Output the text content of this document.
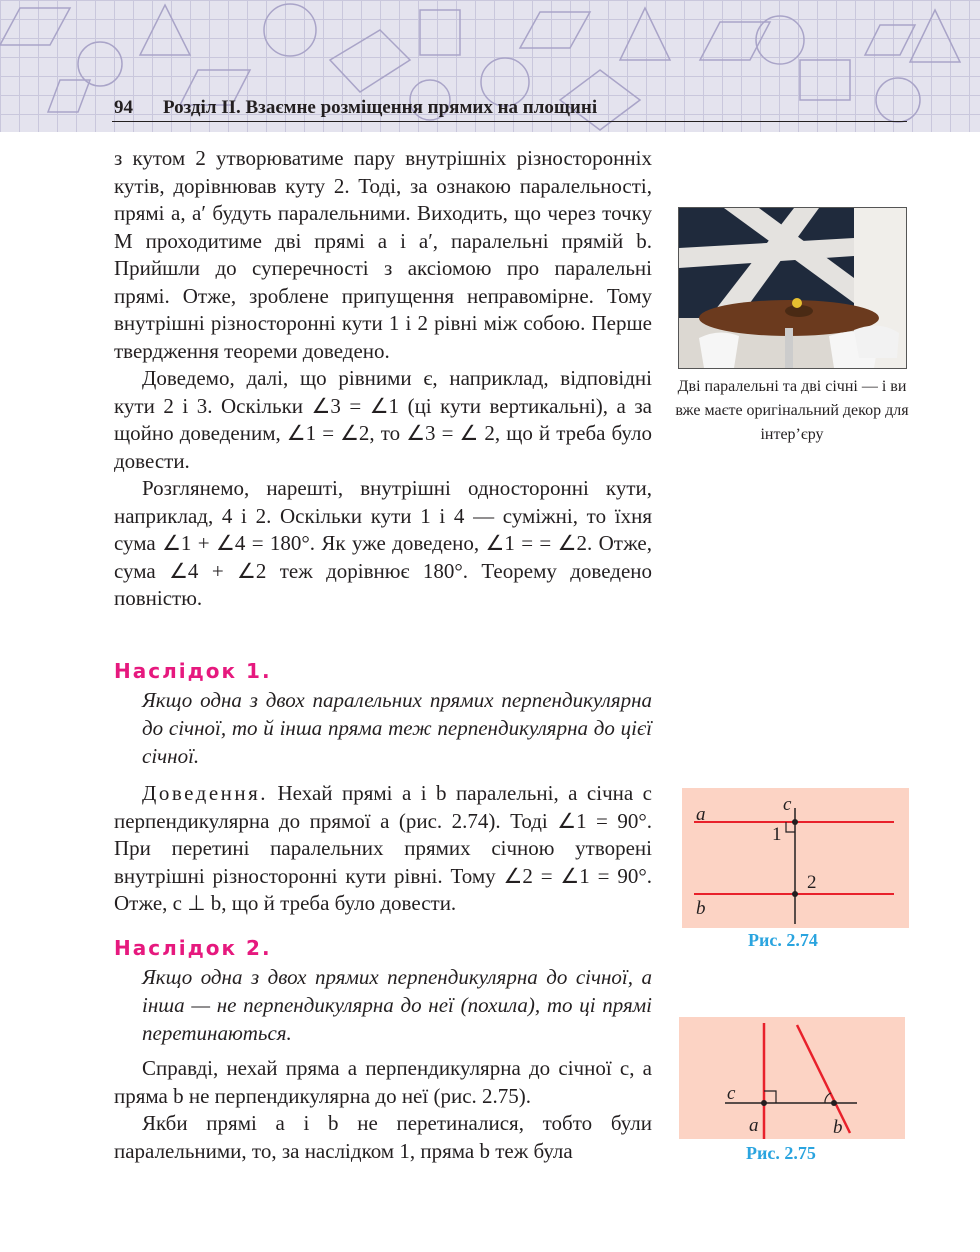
94 Розділ ІІ. Взаємне розміщення прямих на площині

з кутом 2 утворюватиме пару внутрішніх різносторонніх кутів, дорівнював куту 2. Тоді, за ознакою паралельності, прямі a, a′ будуть паралельними. Виходить, що через точку M проходитиме дві прямі a і a′, паралельні прямій b. Прийшли до суперечності з аксіомою про паралельні прямі. Отже, зроблене припущення неправомірне. Тому внутрішні різносторонні кути 1 і 2 рівні між собою. Перше твердження теореми доведено.

Доведемо, далі, що рівними є, наприклад, відповідні кути 2 і 3. Оскільки ∠3 = ∠1 (ці кути вертикальні), а за щойно доведеним, ∠1 = ∠2, то ∠3 = ∠ 2, що й треба було довести.

Розглянемо, нарешті, внутрішні односторонні кути, наприклад, 4 і 2. Оскільки кути 1 і 4 — суміжні, то їхня сума ∠1 + ∠4 = 180°. Як уже доведено, ∠1 = = ∠2. Отже, сума ∠4 + ∠2 теж дорівнює 180°. Теорему доведено повністю.

Наслідок 1.
Якщо одна з двох паралельних прямих перпендикулярна до січної, то й інша пряма теж перпендикулярна до цієї січної.

Доведення. Нехай прямі a і b паралельні, а січна c перпендикулярна до прямої a (рис. 2.74). Тоді ∠1 = 90°. При перетині паралельних прямих січною утворені внутрішні різносторонні кути рівні. Тому ∠2 = ∠1 = 90°. Отже, c ⊥ b, що й треба було довести.

Наслідок 2.
Якщо одна з двох прямих перпендикулярна до січної, а інша — не перпендикулярна до неї (похила), то ці прямі перетинаються.

Справді, нехай пряма a перпендикулярна до січної c, а пряма b не перпендикулярна до неї (рис. 2.75).

Якби прямі a і b не перетиналися, тобто були паралельними, то, за наслідком 1, пряма b теж була

Дві паралельні та дві січні — і ви вже маєте оригінальний декор для інтер’єру
a
b
c
1
2
Рис. 2.74
c
a	b
Рис. 2.75
